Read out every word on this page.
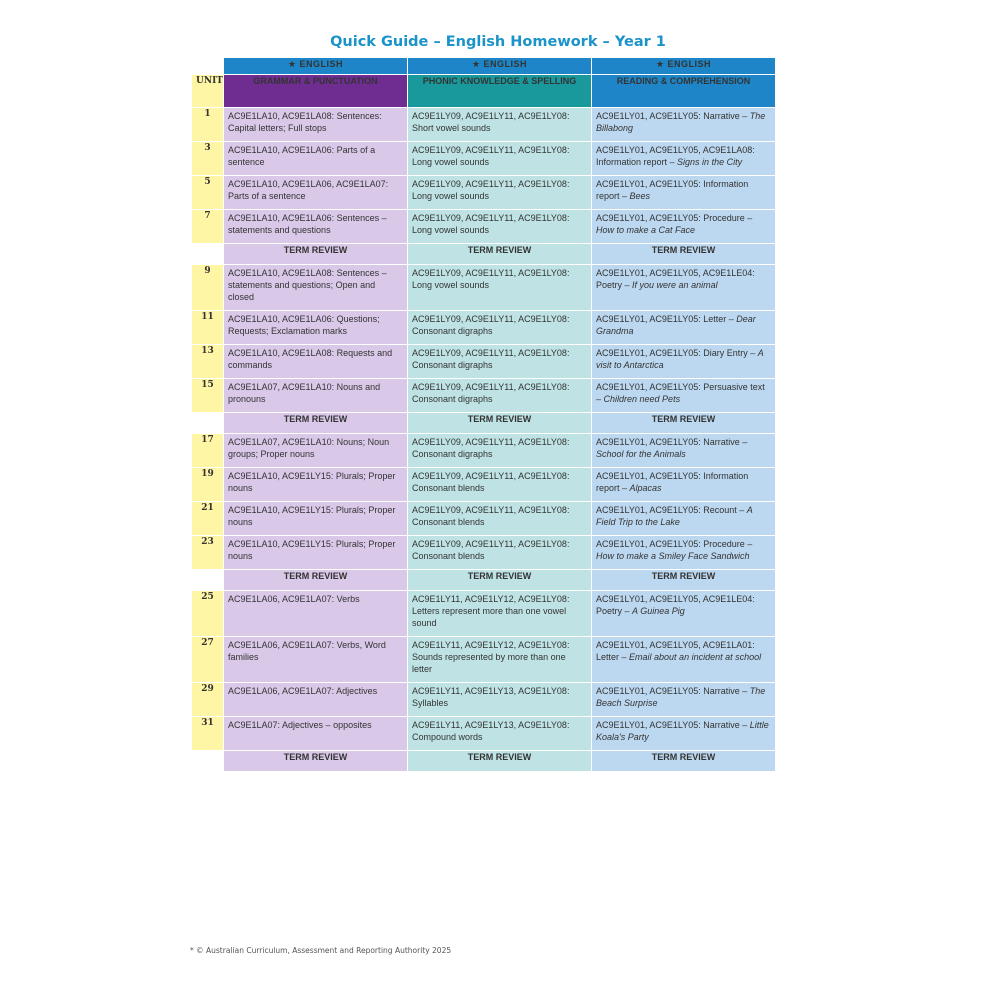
Quick Guide – English Homework – Year 1
	★ ENGLISH	★ ENGLISH	★ ENGLISH
UNIT	GRAMMAR & PUNCTUATION	PHONIC KNOWLEDGE & SPELLING	READING & COMPREHENSION
1	AC9E1LA10, AC9E1LA08: Sentences: Capital letters; Full stops	AC9E1LY09, AC9E1LY11, AC9E1LY08: Short vowel sounds	AC9E1LY01, AC9E1LY05: Narrative – The Billabong
3	AC9E1LA10, AC9E1LA06: Parts of a sentence	AC9E1LY09, AC9E1LY11, AC9E1LY08: Long vowel sounds	AC9E1LY01, AC9E1LY05, AC9E1LA08: Information report – Signs in the City
5	AC9E1LA10, AC9E1LA06, AC9E1LA07: Parts of a sentence	AC9E1LY09, AC9E1LY11, AC9E1LY08: Long vowel sounds	AC9E1LY01, AC9E1LY05: Information report – Bees
7	AC9E1LA10, AC9E1LA06: Sentences – statements and questions	AC9E1LY09, AC9E1LY11, AC9E1LY08: Long vowel sounds	AC9E1LY01, AC9E1LY05: Procedure – How to make a Cat Face
	TERM REVIEW	TERM REVIEW	TERM REVIEW
9	AC9E1LA10, AC9E1LA08: Sentences – statements and questions; Open and closed	AC9E1LY09, AC9E1LY11, AC9E1LY08: Long vowel sounds	AC9E1LY01, AC9E1LY05, AC9E1LE04: Poetry – If you were an animal
11	AC9E1LA10, AC9E1LA06: Questions; Requests; Exclamation marks	AC9E1LY09, AC9E1LY11, AC9E1LY08: Consonant digraphs	AC9E1LY01, AC9E1LY05: Letter – Dear Grandma
13	AC9E1LA10, AC9E1LA08: Requests and commands	AC9E1LY09, AC9E1LY11, AC9E1LY08: Consonant digraphs	AC9E1LY01, AC9E1LY05: Diary Entry – A visit to Antarctica
15	AC9E1LA07, AC9E1LA10: Nouns and pronouns	AC9E1LY09, AC9E1LY11, AC9E1LY08: Consonant digraphs	AC9E1LY01, AC9E1LY05: Persuasive text – Children need Pets
	TERM REVIEW	TERM REVIEW	TERM REVIEW
17	AC9E1LA07, AC9E1LA10: Nouns; Noun groups; Proper nouns	AC9E1LY09, AC9E1LY11, AC9E1LY08: Consonant digraphs	AC9E1LY01, AC9E1LY05: Narrative – School for the Animals
19	AC9E1LA10, AC9E1LY15: Plurals; Proper nouns	AC9E1LY09, AC9E1LY11, AC9E1LY08: Consonant blends	AC9E1LY01, AC9E1LY05: Information report – Alpacas
21	AC9E1LA10, AC9E1LY15: Plurals; Proper nouns	AC9E1LY09, AC9E1LY11, AC9E1LY08: Consonant blends	AC9E1LY01, AC9E1LY05: Recount – A Field Trip to the Lake
23	AC9E1LA10, AC9E1LY15: Plurals; Proper nouns	AC9E1LY09, AC9E1LY11, AC9E1LY08: Consonant blends	AC9E1LY01, AC9E1LY05: Procedure – How to make a Smiley Face Sandwich
	TERM REVIEW	TERM REVIEW	TERM REVIEW
25	AC9E1LA06, AC9E1LA07: Verbs	AC9E1LY11, AC9E1LY12, AC9E1LY08: Letters represent more than one vowel sound	AC9E1LY01, AC9E1LY05, AC9E1LE04: Poetry – A Guinea Pig
27	AC9E1LA06, AC9E1LA07: Verbs, Word families	AC9E1LY11, AC9E1LY12, AC9E1LY08: Sounds represented by more than one letter	AC9E1LY01, AC9E1LY05, AC9E1LA01: Letter – Email about an incident at school
29	AC9E1LA06, AC9E1LA07: Adjectives	AC9E1LY11, AC9E1LY13, AC9E1LY08: Syllables	AC9E1LY01, AC9E1LY05: Narrative – The Beach Surprise
31	AC9E1LA07: Adjectives – opposites	AC9E1LY11, AC9E1LY13, AC9E1LY08: Compound words	AC9E1LY01, AC9E1LY05: Narrative – Little Koala's Party
	TERM REVIEW	TERM REVIEW	TERM REVIEW
* © Australian Curriculum, Assessment and Reporting Authority 2025
